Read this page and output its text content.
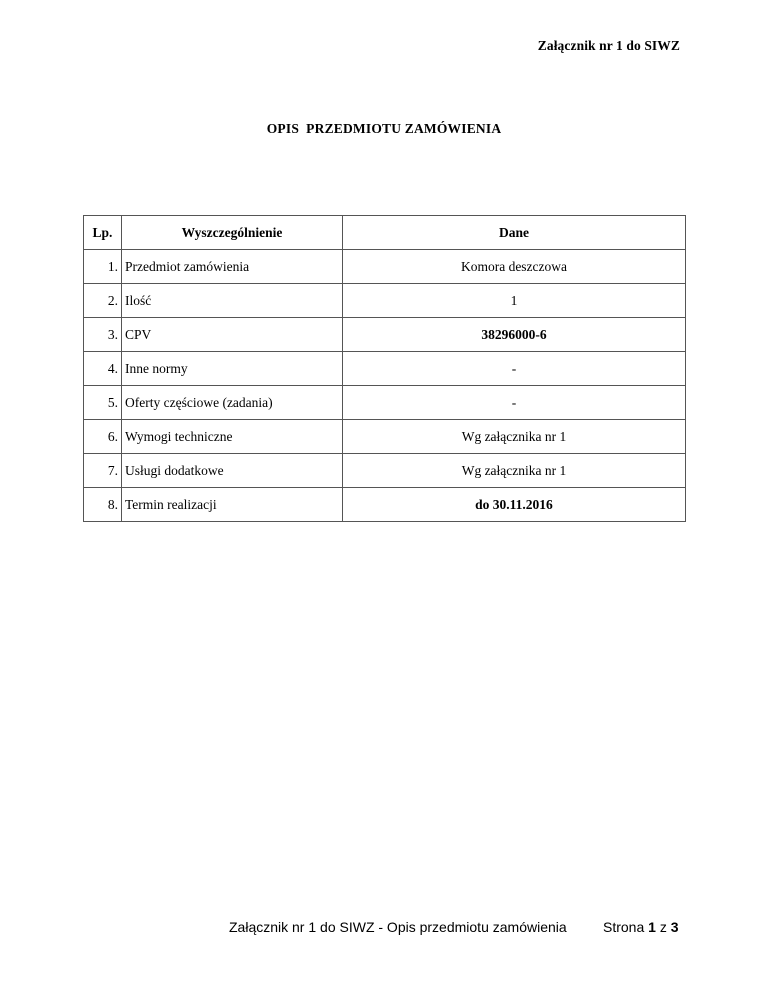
Załącznik nr 1 do SIWZ
OPIS  PRZEDMIOTU ZAMÓWIENIA
Lp.	Wyszczególnienie	Dane
1.	Przedmiot zamówienia	Komora deszczowa
2.	Ilość	1
3.	CPV	38296000-6
4.	Inne normy	-
5.	Oferty częściowe (zadania)	-
6.	Wymogi techniczne	Wg załącznika nr 1
7.	Usługi dodatkowe	Wg załącznika nr 1
8.	Termin realizacji	do 30.11.2016
Załącznik nr 1 do SIWZ - Opis przedmiotu zamówienia	Strona 1 z 3
